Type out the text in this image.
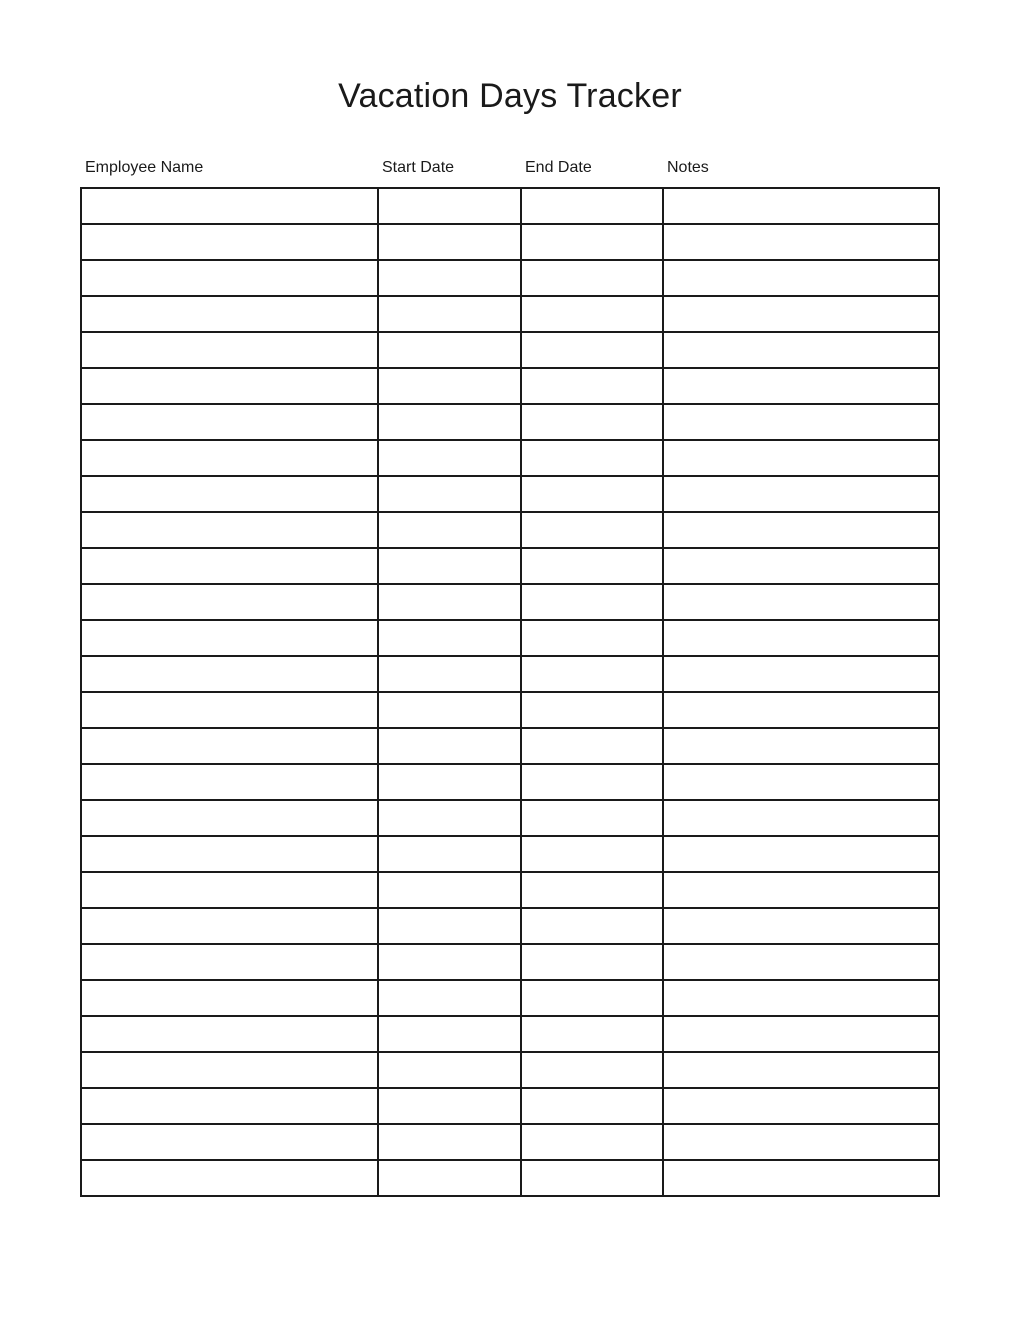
Vacation Days Tracker
Employee Name	Start Date	End Date	Notes
